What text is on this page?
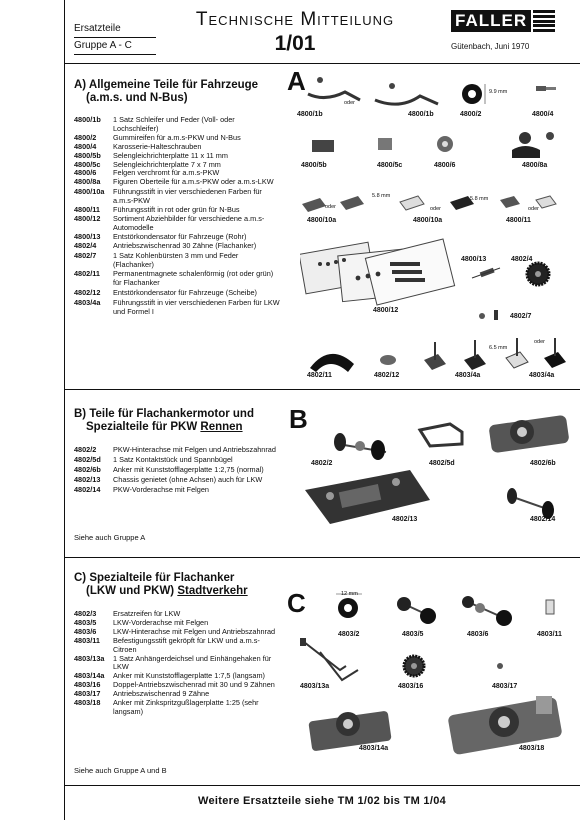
Ersatzteile
Gruppe A - C
Technische Mitteilung
1/01
FALLER
Gütenbach, Juni 1970
A) Allgemeine Teile für Fahrzeuge
(a.m.s. und N-Bus)
A
4800/1b	1 Satz Schleifer und Feder (Voll- oder Lochschleifer)
4800/2	Gummireifen für a.m.s-PKW und N-Bus
4800/4	Karosserie-Halteschrauben
4800/5b	Selengleichrichterplatte 11 x 11 mm
4800/5c	Selengleichrichterplatte 7 x 7 mm
4800/6	Felgen verchromt für a.m.s-PKW
4800/8a	Figuren Oberteile für a.m.s-PKW oder a.m.s-LKW
4800/10a	Führungsstift in vier verschiedenen Farben für a.m.s-PKW
4800/11	Führungsstift in rot oder grün für N-Bus
4800/12	Sortiment Abziehbilder für verschiedene a.m.s-Automodelle
4800/13	Entstörkondensator für Fahrzeuge (Rohr)
4802/4	Antriebszwischenrad 30 Zähne (Flachanker)
4802/7	1 Satz Kohlenbürsten 3 mm und Feder (Flachanker)
4802/11	Permanentmagnete schalenförmig (rot oder grün) für Flachanker
4802/12	Entstörkondensator für Fahrzeuge (Scheibe)
4803/4a	Führungsstift in vier verschiedenen Farben für LKW und Formel I
oder
9.9 mm
oder
5.8 mm
oder
5.8 mm
oder
6.5 mm
oder
4800/1b	4800/1b	4800/2	4800/4
4800/5b	4800/5c	4800/6	4800/8a
4800/10a	4800/10a	4800/11
4800/13	4802/4
4800/12
4802/7
4802/11	4802/12	4803/4a	4803/4a
B) Teile für Flachankermotor und
Spezialteile für PKW Rennen	B
4802/2	PKW-Hinterachse mit Felgen und Antriebszahnrad
4802/5d	1 Satz Kontaktstück und Spannbügel
4802/6b	Anker mit Kunststofflagerplatte 1:2,75 (normal)
4802/13	Chassis genietet (ohne Achsen) auch für LKW
4802/14	PKW-Vorderachse mit Felgen
Siehe auch Gruppe A
4802/2	4802/5d	4802/6b
4802/13	4802/14
C) Spezialteile für Flachanker
(LKW und PKW) Stadtverkehr C
4802/3	Ersatzreifen für LKW
4803/5	LKW-Vorderachse mit Felgen
4803/6	LKW-Hinterachse mit Felgen und Antriebszahnrad
4803/11	Befestigungsstift gekröpft für LKW und a.m.s-Citroen
4803/13a	1 Satz Anhängerdeichsel und Einhängehaken für LKW
4803/14a	Anker mit Kunststofflagerplatte 1:7,5 (langsam)
4803/16	Doppel-Antriebszwischenrad mit 30 und 9 Zähnen
4803/17	Antriebszwischenrad 9 Zähne
4803/18	Anker mit Zinkspritzgußlagerplatte 1:25 (sehr langsam)
Siehe auch Gruppe A und B
12 mm
4803/2	4803/5	4803/6	4803/11
4803/13a	4803/16	4803/17
4803/14a	4803/18
Weitere Ersatzteile siehe TM 1/02 bis TM 1/04
